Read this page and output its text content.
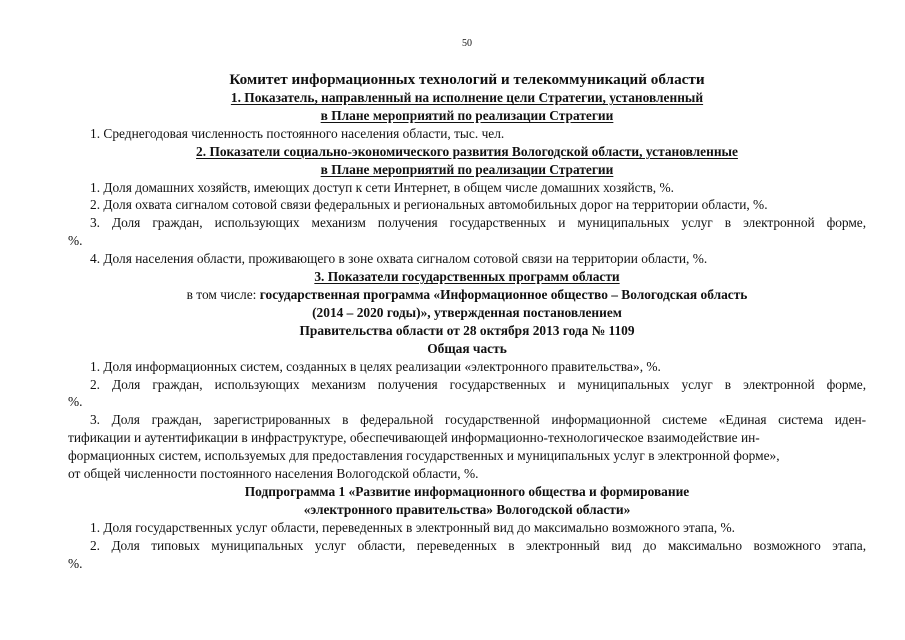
50
Комитет информационных технологий и телекоммуникаций области
1. Показатель, направленный на исполнение цели Стратегии, установленный
в Плане мероприятий по реализации Стратегии
1. Среднегодовая численность постоянного населения области, тыс. чел.
2. Показатели социально-экономического развития Вологодской области, установленные
в Плане мероприятий по реализации Стратегии
1. Доля домашних хозяйств, имеющих доступ к сети Интернет, в общем числе домашних хозяйств, %.
2. Доля охвата сигналом сотовой связи федеральных и региональных автомобильных дорог на территории области, %.
3. Доля граждан, использующих механизм получения государственных и муниципальных услуг в электронной форме,
%.
4. Доля населения области, проживающего в зоне охвата сигналом сотовой связи на территории области, %.
3. Показатели государственных программ области
в том числе: государственная программа «Информационное общество – Вологодская область
(2014 – 2020 годы)», утвержденная постановлением
Правительства области от 28 октября 2013 года № 1109
Общая часть
1. Доля информационных систем, созданных в целях реализации «электронного правительства», %.
2. Доля граждан, использующих механизм получения государственных и муниципальных услуг в электронной форме,
%.
3. Доля граждан, зарегистрированных в федеральной государственной информационной системе «Единая система иден-
тификации и аутентификации в инфраструктуре, обеспечивающей информационно-технологическое взаимодействие ин-
формационных систем, используемых для предоставления государственных и муниципальных услуг в электронной форме»,
от общей численности постоянного населения Вологодской области, %.
Подпрограмма 1 «Развитие информационного общества и формирование
«электронного правительства» Вологодской области»
1. Доля государственных услуг области, переведенных в электронный вид до максимально возможного этапа, %.
2. Доля типовых муниципальных услуг области, переведенных в электронный вид до максимально возможного этапа,
%.
